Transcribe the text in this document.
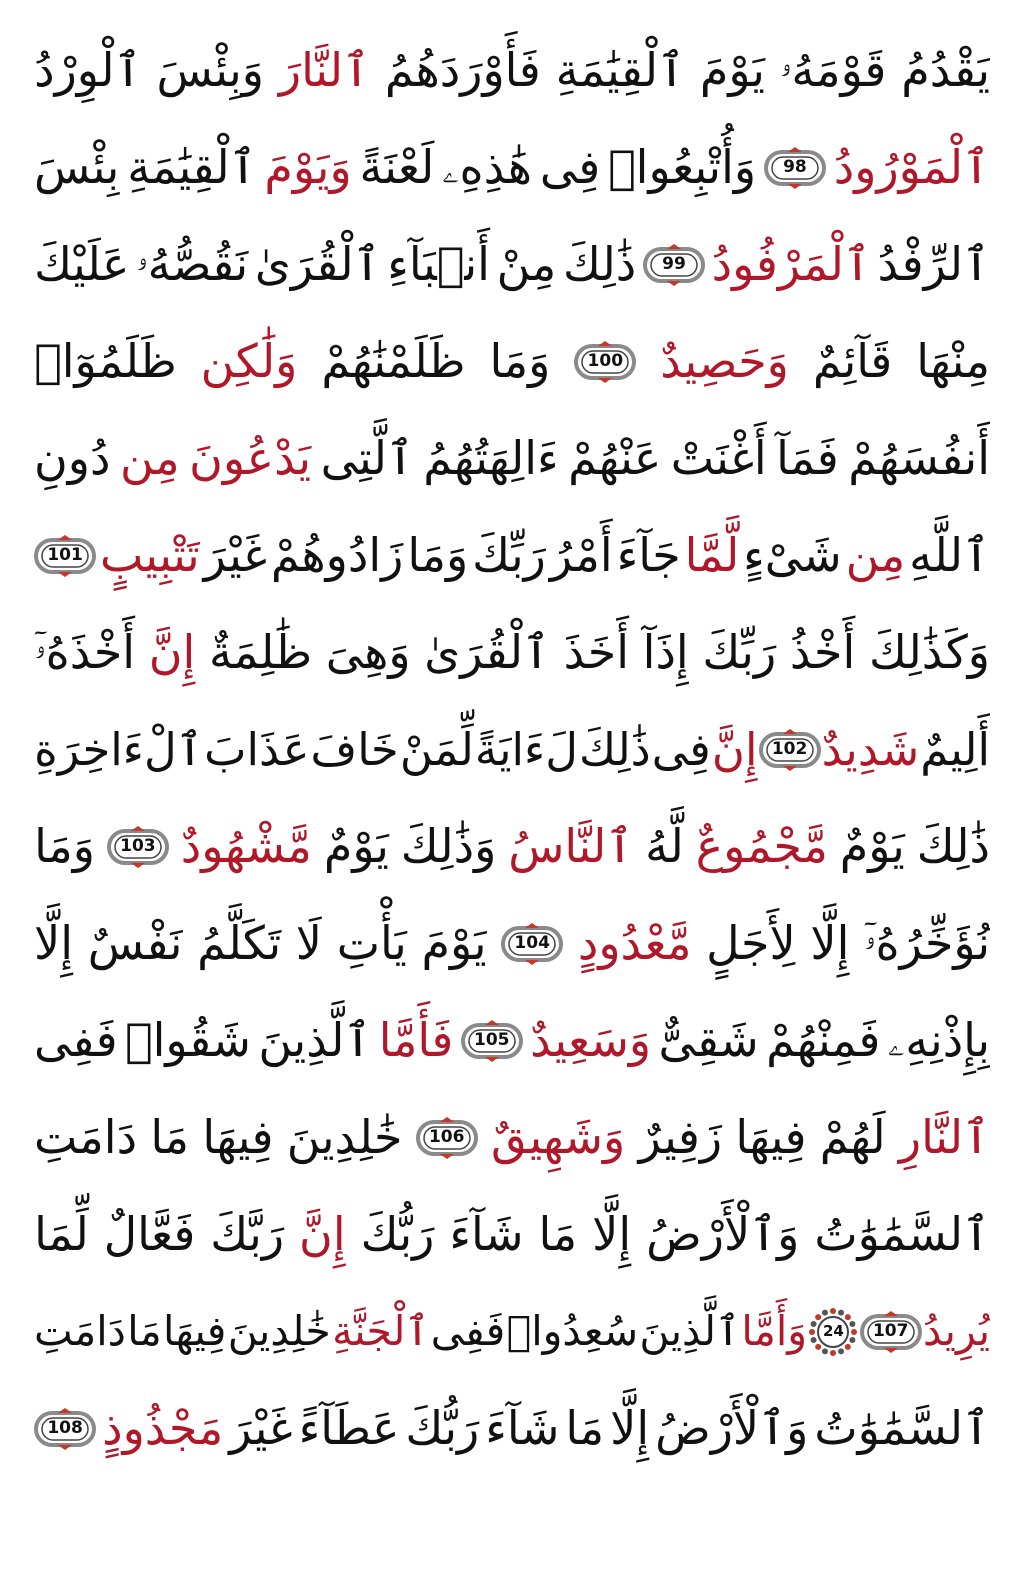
يَقْدُمُ
قَوْمَهُۥ
يَوْمَ
ٱلْقِيَٰمَةِ
فَأَوْرَدَهُمُ
ٱلنَّارَ
وَبِئْسَ
ٱلْوِرْدُ
ٱلْمَوْرُودُ
98
وَأُتْبِعُوا۟
فِى
هَٰذِهِۦ
لَعْنَةً
وَيَوْمَ
ٱلْقِيَٰمَةِ
بِئْسَ
ٱلرِّفْدُ
ٱلْمَرْفُودُ
99
ذَٰلِكَ
مِنْ
أَنۢبَآءِ
ٱلْقُرَىٰ
نَقُصُّهُۥ
عَلَيْكَ
مِنْهَا
قَآئِمٌ
وَحَصِيدٌ
100
وَمَا
ظَلَمْنَٰهُمْ
وَلَٰكِن
ظَلَمُوٓا۟
أَنفُسَهُمْ
فَمَآ
أَغْنَتْ
عَنْهُمْ
ءَالِهَتُهُمُ
ٱلَّتِى
يَدْعُونَ
مِن
دُونِ
ٱللَّهِ
مِن
شَىْءٍ
لَّمَّا
جَآءَ
أَمْرُ
رَبِّكَ
وَمَا
زَادُوهُمْ
غَيْرَ
تَتْبِيبٍ
101
وَكَذَٰلِكَ
أَخْذُ
رَبِّكَ
إِذَآ
أَخَذَ
ٱلْقُرَىٰ
وَهِىَ
ظَٰلِمَةٌ
إِنَّ
أَخْذَهُۥٓ
أَلِيمٌ
شَدِيدٌ
102
إِنَّ
فِى
ذَٰلِكَ
لَءَايَةً
لِّمَنْ
خَافَ
عَذَابَ
ٱلْءَاخِرَةِ
ذَٰلِكَ
يَوْمٌ
مَّجْمُوعٌ
لَّهُ
ٱلنَّاسُ
وَذَٰلِكَ
يَوْمٌ
مَّشْهُودٌ
103
وَمَا
نُؤَخِّرُهُۥٓ
إِلَّا
لِأَجَلٍ
مَّعْدُودٍ
104
يَوْمَ
يَأْتِ
لَا
تَكَلَّمُ
نَفْسٌ
إِلَّا
بِإِذْنِهِۦ
فَمِنْهُمْ
شَقِىٌّ
وَسَعِيدٌ
105
فَأَمَّا
ٱلَّذِينَ
شَقُوا۟
فَفِى
ٱلنَّارِ
لَهُمْ
فِيهَا
زَفِيرٌ
وَشَهِيقٌ
106
خَٰلِدِينَ
فِيهَا
مَا
دَامَتِ
ٱلسَّمَٰوَٰتُ
وَٱلْأَرْضُ
إِلَّا
مَا
شَآءَ
رَبُّكَ
إِنَّ
رَبَّكَ
فَعَّالٌ
لِّمَا
يُرِيدُ
107
24
وَأَمَّا
ٱلَّذِينَ
سُعِدُوا۟
فَفِى
ٱلْجَنَّةِ
خَٰلِدِينَ
فِيهَا
مَا
دَامَتِ
ٱلسَّمَٰوَٰتُ
وَٱلْأَرْضُ
إِلَّا
مَا
شَآءَ
رَبُّكَ
عَطَآءً
غَيْرَ
مَجْذُوذٍ
108
